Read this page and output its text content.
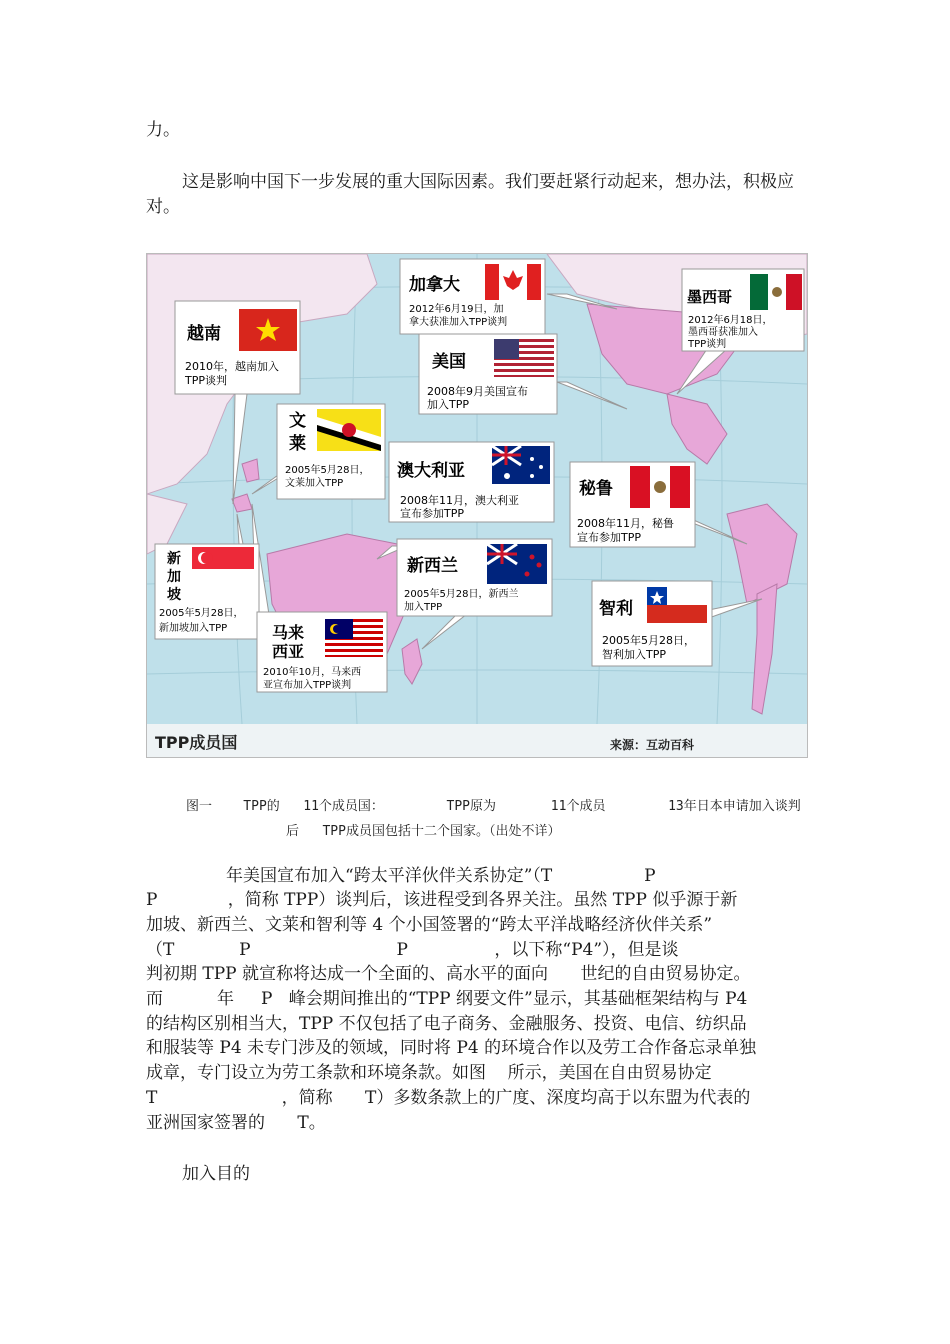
力。

这是影响中国下一步发展的重大国际因素。我们要赶紧行动起来，想办法，积极应对。

越南
2010年，越南加入
TPP谈判
加拿大
2012年6月19日，加
拿大获准加入TPP谈判
墨西哥
2012年6月18日，
墨西哥获准加入
TPP谈判
美国
2008年9月美国宣布
加入TPP
文
莱
2005年5月28日，
文莱加入TPP
澳大利亚
2008年11月，澳大利亚
宣布参加TPP
秘鲁
2008年11月，秘鲁
宣布参加TPP
新
加
坡
2005年5月28日，
新加坡加入TPP
新西兰
2005年5月28日，新西兰
加入TPP	智利
2005年5月28日，
智利加入TPP
马来
西亚
2010年10月，马来西
亚宣布加入TPP谈判
TPP成员国	来源：互动百科
图一    TPP的   11个成员国：        TPP原为       11个成员        13年日本申请加入谈判
后   TPP成员国包括十二个国家。（出处不详）

年美国宣布加入“跨太平洋伙伴关系协定”（T                 P

P             ，简称 TPP）谈判后，该进程受到各界关注。虽然 TPP 似乎源于新

加坡、新西兰、文莱和智利等 4 个小国签署的“跨太平洋战略经济伙伴关系”

（T            P                           P                ，以下称“P4”），但是谈

判初期 TPP 就宣称将达成一个全面的、高水平的面向      世纪的自由贸易协定。

而          年     P   峰会期间推出的“TPP 纲要文件”显示，其基础框架结构与 P4

的结构区别相当大，TPP 不仅包括了电子商务、金融服务、投资、电信、纺织品

和服装等 P4 未专门涉及的领域，同时将 P4 的环境合作以及劳工合作备忘录单独

成章，专门设立为劳工条款和环境条款。如图    所示，美国在自由贸易协定

T                       ，简称      T）多数条款上的广度、深度均高于以东盟为代表的

亚洲国家签署的      T。

加入目的
